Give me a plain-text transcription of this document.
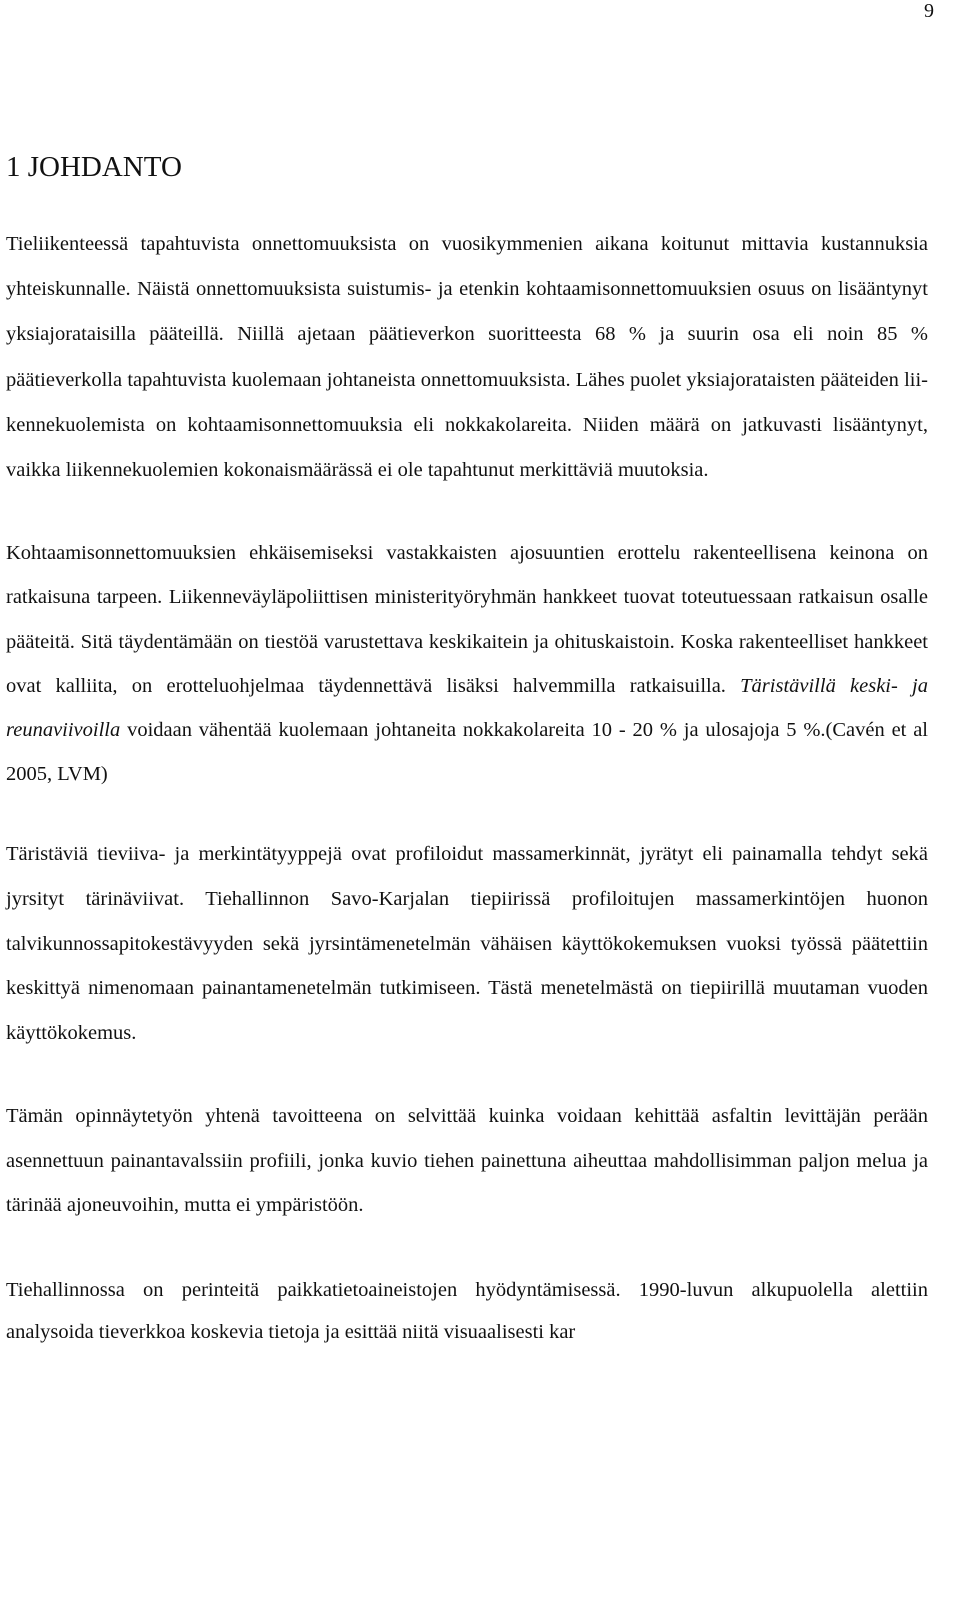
9
1 JOHDANTO

Tieliikenteessä tapahtuvista onnettomuuksista on vuosikymmenien aikana koitunut mittavia kustannuksia yhteiskunnalle. Näistä onnettomuuksista suistumis- ja etenkin kohtaamisonnettomuuksien osuus on lisääntynyt yksiajorataisilla pääteillä. Niillä ajetaan päätieverkon suoritteesta 68 % ja suurin osa eli noin 85 % päätieverkolla tapahtuvista kuolemaan johtaneista onnettomuuksista. Lähes puolet yksiajorataisten pääteiden liikennekuolemista on kohtaamisonnettomuuksia eli nokkakolareita. Niiden määrä on jatkuvasti lisääntynyt, vaikka liikennekuolemien kokonaismäärässä ei ole tapahtunut merkittäviä muutoksia.

Kohtaamisonnettomuuksien ehkäisemiseksi vastakkaisten ajosuuntien erottelu rakenteellisena keinona on ratkaisuna tarpeen. Liikenneväyläpoliittisen ministerityöryhmän hankkeet tuovat toteutuessaan ratkaisun osalle pääteitä. Sitä täydentämään on tiestöä varustettava keskikaitein ja ohituskaistoin. Koska rakenteelliset hankkeet ovat kalliita, on erotteluohjelmaa täydennettävä lisäksi halvemmilla ratkaisuilla. Täristävillä keski- ja reunaviivoilla voidaan vähentää kuolemaan johtaneita nokkakolareita 10 - 20 % ja ulosajoja 5 %.(Cavén et al 2005, LVM)

Täristäviä tieviiva- ja merkintätyyppejä ovat profiloidut massamerkinnät, jyrätyt eli painamalla tehdyt sekä jyrsityt tärinäviivat. Tiehallinnon Savo-Karjalan tiepiirissä profiloitujen massamerkintöjen huonon talvikunnossapitokestävyyden sekä jyrsintämenetelmän vähäisen käyttökokemuksen vuoksi työssä päätettiin keskittyä nimenomaan painantamenetelmän tutkimiseen. Tästä menetelmästä on tiepiirillä muutaman vuoden käyttökokemus.

Tämän opinnäytetyön yhtenä tavoitteena on selvittää kuinka voidaan kehittää asfaltin levittäjän perään asennettuun painantavalssiin profiili, jonka kuvio tiehen painettuna aiheuttaa mahdollisimman paljon melua ja tärinää ajoneuvoihin, mutta ei ympäristöön.

Tiehallinnossa on perinteitä paikkatietoaineistojen hyödyntämisessä. 1990-luvun alkupuolella alettiin analysoida tieverkkoa koskevia tietoja ja esittää niitä visuaalisesti kar
